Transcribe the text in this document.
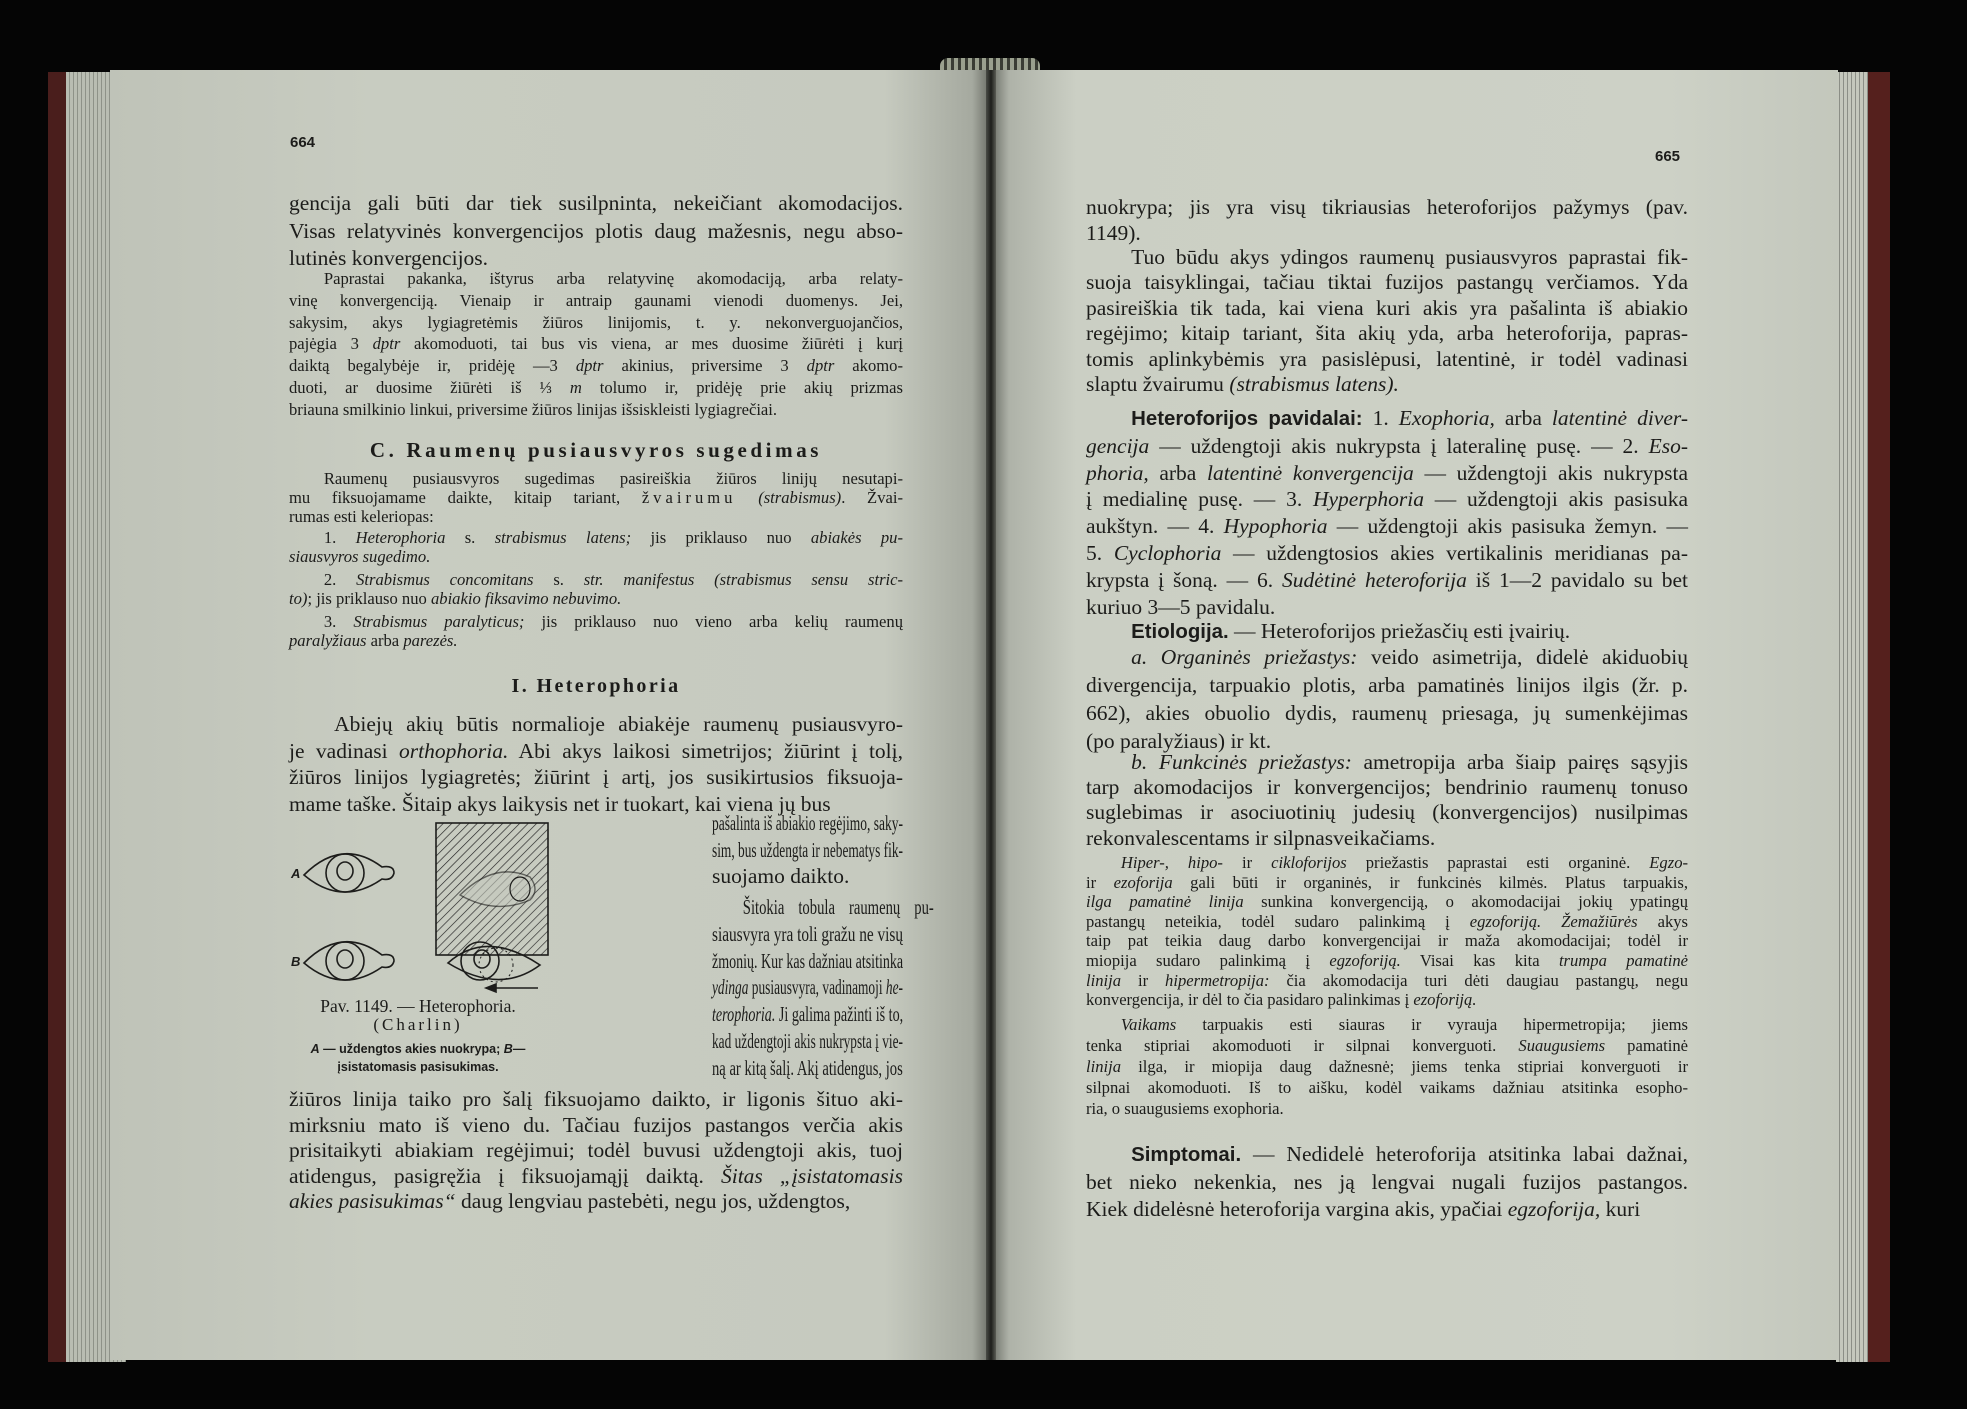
664
gencija gali būti dar tiek susilpninta, nekeičiant akomodacijos.
Visas relatyvinės konvergencijos plotis daug mažesnis, negu abso-
lutinės konvergencijos.
Paprastai pakanka, ištyrus arba relatyvinę akomodaciją, arba relaty-
vinę konvergenciją. Vienaip ir antraip gaunami vienodi duomenys. Jei,
sakysim, akys lygiagretėmis žiūros linijomis, t. y. nekonverguojančios,
pajėgia 3 dptr akomoduoti, tai bus vis viena, ar mes duosime žiūrėti į kurį
daiktą begalybėje ir, pridėję —3 dptr akinius, priversime 3 dptr akomo-
duoti, ar duosime žiūrėti iš ⅓ m tolumo ir, pridėję prie akių prizmas
briauna smilkinio linkui, priversime žiūros linijas išsiskleisti lygiagrečiai.
C. Raumenų pusiausvyros sugedimas
Raumenų pusiausvyros sugedimas pasireiškia žiūros linijų nesutapi-
mu fiksuojamame daikte, kitaip tariant, žvairumu (strabismus). Žvai-
rumas esti keleriopas:
1. Heterophoria s. strabismus latens; jis priklauso nuo abiakės pu-
siausvyros sugedimo.
2. Strabismus concomitans s. str. manifestus (strabismus sensu stric-
to); jis priklauso nuo abiakio fiksavimo nebuvimo.
3. Strabismus paralyticus; jis priklauso nuo vieno arba kelių raumenų
paralyžiaus arba parezės.
I. Heterophoria
Abiejų akių būtis normalioje abiakėje raumenų pusiausvyro-
je vadinasi orthophoria. Abi akys laikosi simetrijos; žiūrint į tolį,
žiūros linijos lygiagretės; žiūrint į artį, jos susikirtusios fiksuoja-
mame taške. Šitaip akys laikysis net ir tuokart, kai viena jų bus
pašalinta iš abiakio regėjimo, saky-
sim, bus uždengta ir nebematys fik-
suojamo daikto.
Šitokia tobula raumenų pu-
siausvyra yra toli gražu ne visų
žmonių. Kur kas dažniau atsitinka
ydinga pusiausvyra, vadinamoji he-
terophoria. Ji galima pažinti iš to,
kad uždengtoji akis nukrypsta į vie-
ną ar kitą šalį. Akį atidengus, jos
žiūros linija taiko pro šalį fiksuojamo daikto, ir ligonis šituo aki-
mirksniu mato iš vieno du. Tačiau fuzijos pastangos verčia akis
prisitaikyti abiakiam regėjimui; todėl buvusi uždengtoji akis, tuoj
atidengus, pasigręžia į fiksuojamąjį daiktą. Šitas „įsistatomasis
akies pasisukimas“ daug lengviau pastebėti, negu jos, uždengtos,
A
B
Pav. 1149. — Heterophoria.
(Charlin)
A — uždengtos akies nuokrypa; B—
įsistatomasis pasisukimas.
665
nuokrypa; jis yra visų tikriausias heteroforijos pažymys (pav.
1149).
Tuo būdu akys ydingos raumenų pusiausvyros paprastai fik-
suoja taisyklingai, tačiau tiktai fuzijos pastangų verčiamos. Yda
pasireiškia tik tada, kai viena kuri akis yra pašalinta iš abiakio
regėjimo; kitaip tariant, šita akių yda, arba heteroforija, papras-
tomis aplinkybėmis yra pasislėpusi, latentinė, ir todėl vadinasi
slaptu žvairumu (strabismus latens).
Heteroforijos pavidalai: 1. Exophoria, arba latentinė diver-
gencija — uždengtoji akis nukrypsta į lateralinę pusę. — 2. Eso-
phoria, arba latentinė konvergencija — uždengtoji akis nukrypsta
į medialinę pusę. — 3. Hyperphoria — uždengtoji akis pasisuka
aukštyn. — 4. Hypophoria — uždengtoji akis pasisuka žemyn. —
5. Cyclophoria — uždengtosios akies vertikalinis meridianas pa-
krypsta į šoną. — 6. Sudėtinė heteroforija iš 1—2 pavidalo su bet
kuriuo 3—5 pavidalu.
Etiologija. — Heteroforijos priežasčių esti įvairių.
a. Organinės priežastys: veido asimetrija, didelė akiduobių
divergencija, tarpuakio plotis, arba pamatinės linijos ilgis (žr. p.
662), akies obuolio dydis, raumenų priesaga, jų sumenkėjimas
(po paralyžiaus) ir kt.
b. Funkcinės priežastys: ametropija arba šiaip pairęs sąsyjis
tarp akomodacijos ir konvergencijos; bendrinio raumenų tonuso
suglebimas ir asociuotinių judesių (konvergencijos) nusilpimas
rekonvalescentams ir silpnasveikačiams.
Hiper-, hipo- ir cikloforijos priežastis paprastai esti organinė. Egzo-
ir ezoforija gali būti ir organinės, ir funkcinės kilmės. Platus tarpuakis,
ilga pamatinė linija sunkina konvergenciją, o akomodacijai jokių ypatingų
pastangų neteikia, todėl sudaro palinkimą į egzoforiją. Žemažiūrės akys
taip pat teikia daug darbo konvergencijai ir maža akomodacijai; todėl ir
miopija sudaro palinkimą į egzoforiją. Visai kas kita trumpa pamatinė
linija ir hipermetropija: čia akomodacija turi dėti daugiau pastangų, negu
konvergencija, ir dėl to čia pasidaro palinkimas į ezoforiją.
Vaikams tarpuakis esti siauras ir vyrauja hipermetropija; jiems
tenka stipriai akomoduoti ir silpnai konverguoti. Suaugusiems pamatinė
linija ilga, ir miopija daug dažnesnė; jiems tenka stipriai konverguoti ir
silpnai akomoduoti. Iš to aišku, kodėl vaikams dažniau atsitinka esopho-
ria, o suaugusiems exophoria.
Simptomai. — Nedidelė heteroforija atsitinka labai dažnai,
bet nieko nekenkia, nes ją lengvai nugali fuzijos pastangos.
Kiek didelėsnė heteroforija vargina akis, ypačiai egzoforija, kuri
